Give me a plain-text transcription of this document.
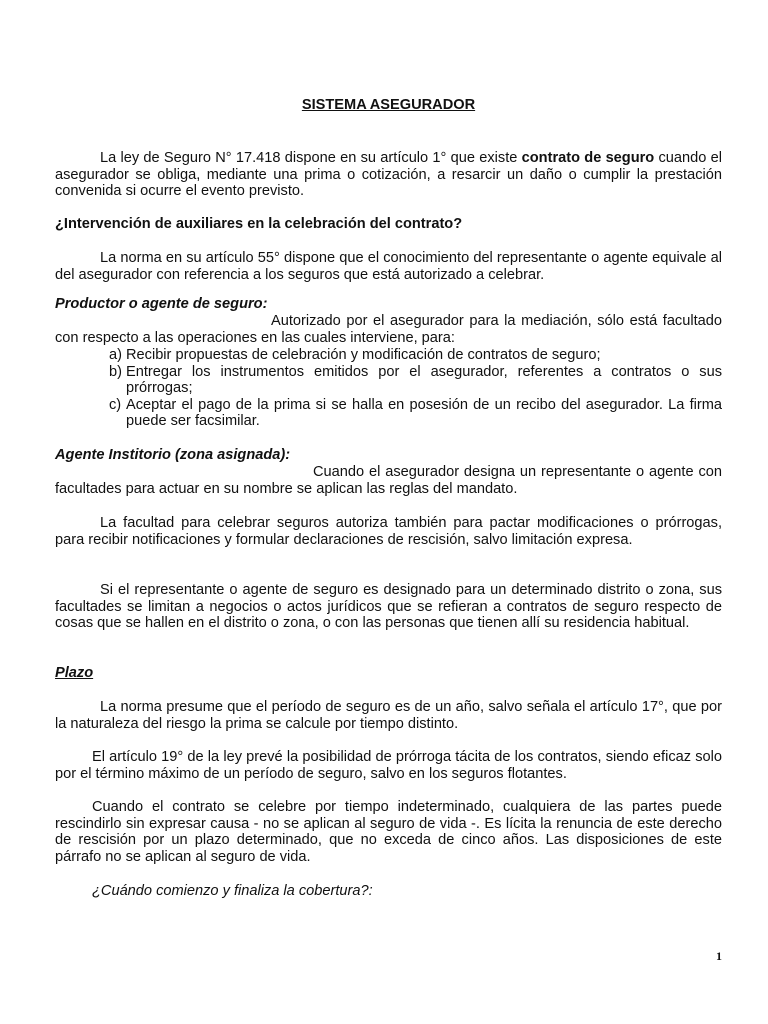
SISTEMA ASEGURADOR

La ley de Seguro N° 17.418 dispone en su artículo 1° que existe contrato de seguro cuando el asegurador se obliga, mediante una prima o cotización, a resarcir un daño o cumplir la prestación convenida si ocurre el evento previsto.

¿Intervención de auxiliares en la celebración del contrato?

La norma en su artículo 55° dispone que el conocimiento del representante o agente equivale al del asegurador con referencia a los seguros que está autorizado a celebrar.

Productor o agente de seguro:

Autorizado por el asegurador para la mediación, sólo está facultado con respecto a las operaciones en las cuales interviene, para:

a) Recibir propuestas de celebración y modificación de contratos de seguro;
b) Entregar los instrumentos emitidos por el asegurador, referentes a contratos o sus prórrogas;
c) Aceptar el pago de la prima si se halla en posesión de un recibo del asegurador. La firma puede ser facsimilar.

Agente Institorio (zona asignada):

Cuando el asegurador designa un representante o agente con facultades para actuar en su nombre se aplican las reglas del mandato.

La facultad para celebrar seguros autoriza también para pactar modificaciones o prórrogas, para recibir notificaciones y formular declaraciones de rescisión, salvo limitación expresa.

Si el representante o agente de seguro es designado para un determinado distrito o zona, sus facultades se limitan a negocios o actos jurídicos que se refieran a contratos de seguro respecto de cosas que se hallen en el distrito o zona, o con las personas que tienen allí su residencia habitual.

Plazo

La norma presume que el período de seguro es de un año, salvo señala el artículo 17°, que por la naturaleza del riesgo la prima se calcule por tiempo distinto.

El artículo 19° de la ley prevé la posibilidad de prórroga tácita de los contratos, siendo eficaz solo por el término máximo de un período de seguro, salvo en los seguros flotantes.

Cuando el contrato se celebre por tiempo indeterminado, cualquiera de las partes puede rescindirlo sin expresar causa - no se aplican al seguro de vida -. Es lícita la renuncia de este derecho de rescisión por un plazo determinado, que no exceda de cinco años. Las disposiciones de este párrafo no se aplican al seguro de vida.

¿Cuándo comienzo y finaliza la cobertura?:

1
